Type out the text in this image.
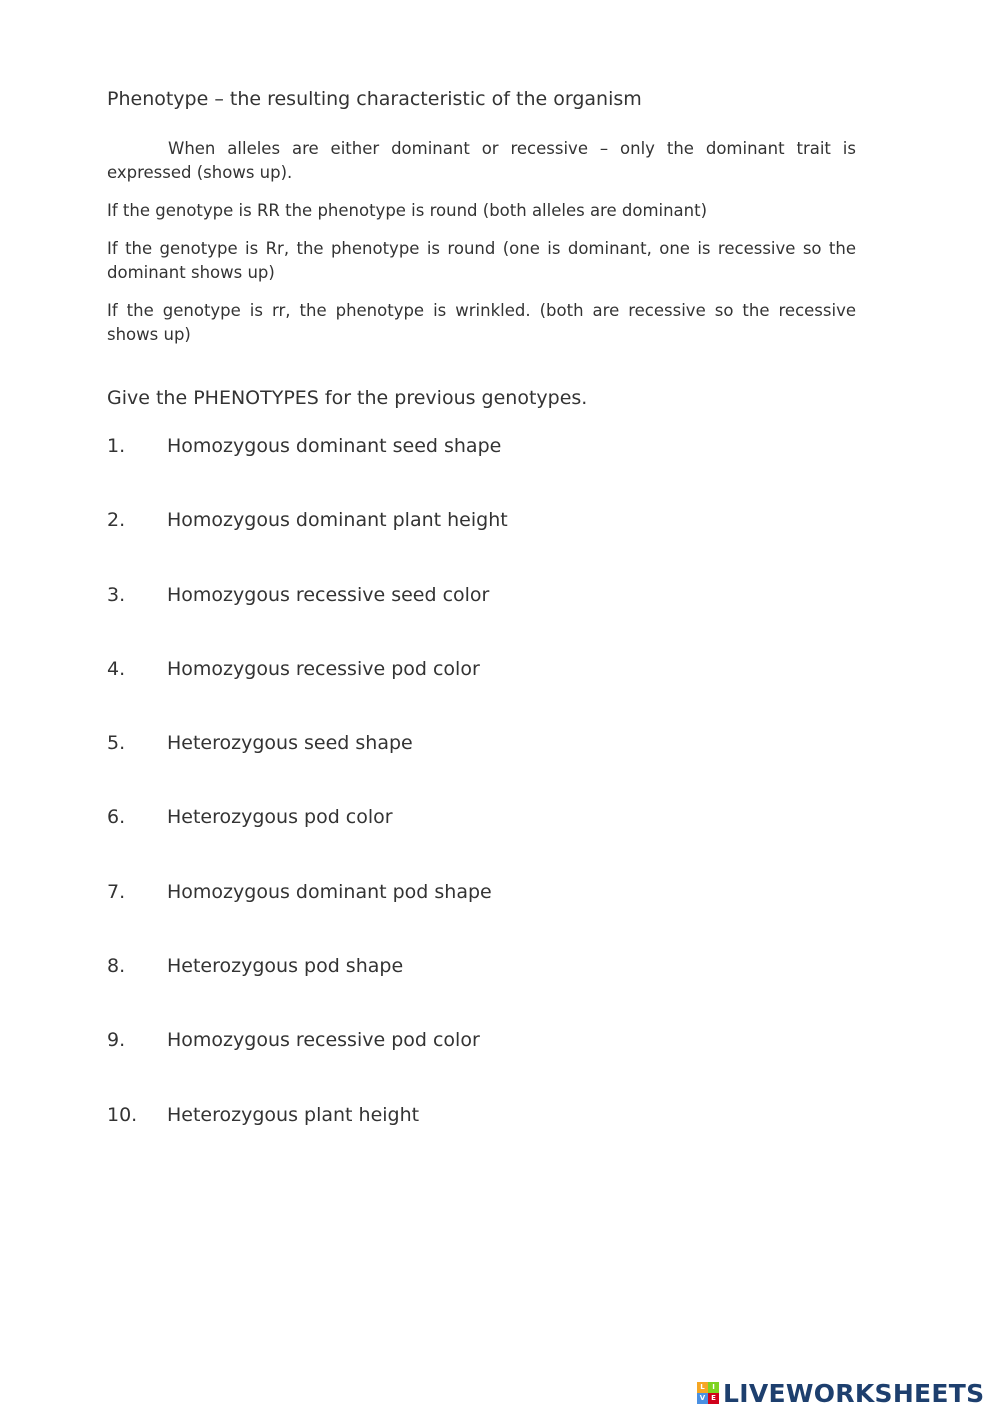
Phenotype – the resulting characteristic of the organism
When alleles are either dominant or recessive – only the dominant trait is expressed (shows up).
If the genotype is RR the phenotype is round (both alleles are dominant)
If the genotype is Rr, the phenotype is round (one is dominant, one is recessive so the dominant shows up)
If the genotype is rr, the phenotype is wrinkled. (both are recessive so the recessive shows up)
Give the PHENOTYPES for the previous genotypes.
1.	Homozygous dominant seed shape
2.	Homozygous dominant plant height
3.	Homozygous recessive seed color
4.	Homozygous recessive pod color
5.	Heterozygous seed shape
6.	Heterozygous pod color
7.	Homozygous dominant pod shape
8.	Heterozygous pod shape
9.	Homozygous recessive pod color
10.	Heterozygous plant height
L	I
V E LIVEWORKSHEETS
